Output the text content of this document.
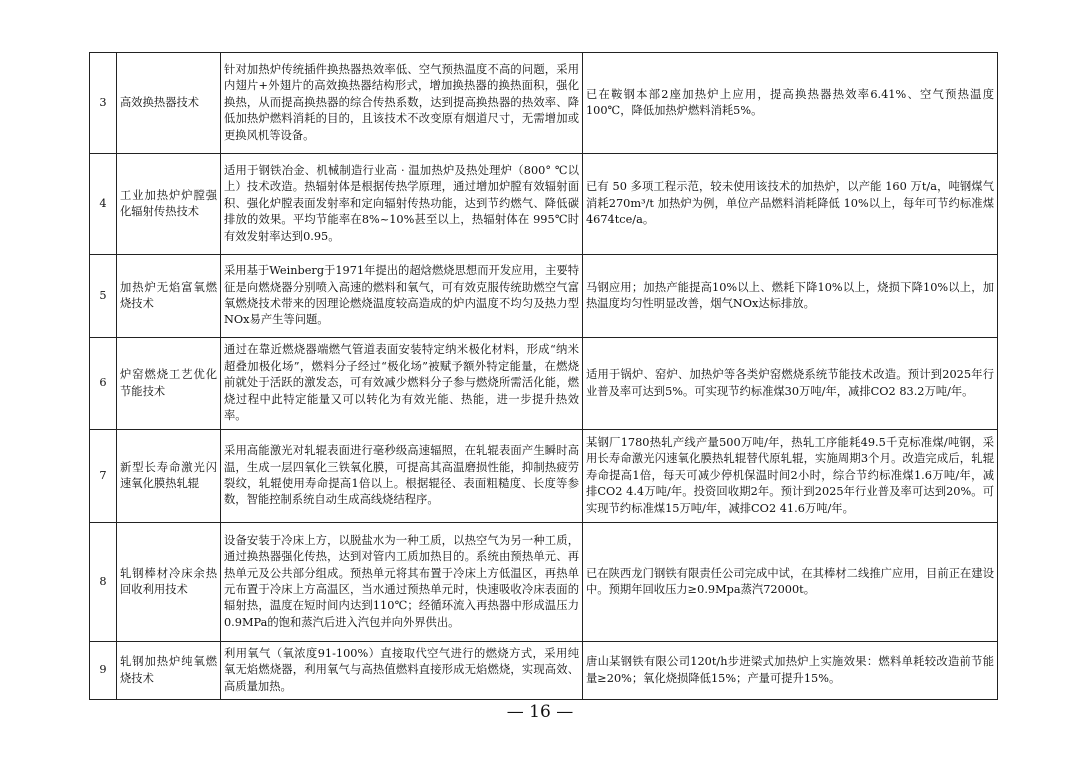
3	高效换热器技术	针对加热炉传统插件换热器热效率低、空气预热温度不高的问题，采用内翅片+外翅片的高效换热器结构形式，增加换热器的换热面积，强化换热，从而提高换热器的综合传热系数，达到提高换热器的热效率、降低加热炉燃料消耗的目的，且该技术不改变原有烟道尺寸，无需增加或更换风机等设备。	已在鞍钢本部2座加热炉上应用，提高换热器热效率6.41%、空气预热温度100℃，降低加热炉燃料消耗5%。
4	工业加热炉炉膛强化辐射传热技术	适用于钢铁冶金、机械制造行业高 · 温加热炉及热处理炉（800° ℃以上）技术改造。热辐射体是根据传热学原理，通过增加炉膛有效辐射面积、强化炉膛表面发射率和定向辐射传热功能，达到节约燃气、降低碳排放的效果。平均节能率在8%~10%甚至以上，热辐射体在 995℃时有效发射率达到0.95。	已有 50 多项工程示范，较未使用该技术的加热炉，以产能 160 万t/a，吨钢煤气消耗270m³/t 加热炉为例，单位产品燃料消耗降低 10%以上，每年可节约标准煤4674tce/a。
5	加热炉无焰富氧燃烧技术	采用基于Weinberg于1971年提出的超焓燃烧思想而开发应用，主要特征是向燃烧器分别喷入高速的燃料和氧气，可有效克服传统助燃空气富氧燃烧技术带来的因理论燃烧温度较高造成的炉内温度不均匀及热力型NOx易产生等问题。	马钢应用；加热产能提高10%以上、燃耗下降10%以上，烧损下降10%以上，加热温度均匀性明显改善，烟气NOx达标排放。
6	炉窑燃烧工艺优化节能技术	通过在靠近燃烧器端燃气管道表面安装特定纳米极化材料，形成“纳米超叠加极化场”，燃料分子经过“极化场”被赋予额外特定能量，在燃烧前就处于活跃的激发态，可有效减少燃料分子参与燃烧所需活化能，燃烧过程中此特定能量又可以转化为有效光能、热能，进一步提升热效率。	适用于锅炉、窑炉、加热炉等各类炉窑燃烧系统节能技术改造。预计到2025年行业普及率可达到5%。可实现节约标准煤30万吨/年，减排CO2 83.2万吨/年。
7	新型长寿命激光闪速氧化膜热轧辊	采用高能激光对轧辊表面进行毫秒级高速辐照，在轧辊表面产生瞬时高温，生成一层四氧化三铁氧化膜，可提高其高温磨损性能，抑制热疲劳裂纹，轧辊使用寿命提高1倍以上。根据辊径、表面粗糙度、长度等参数，智能控制系统自动生成高线烧结程序。	某钢厂1780热轧产线产量500万吨/年，热轧工序能耗49.5千克标准煤/吨钢，采用长寿命激光闪速氧化膜热轧辊替代原轧辊，实施周期3个月。改造完成后，轧辊寿命提高1倍，每天可减少停机保温时间2小时，综合节约标准煤1.6万吨/年，减排CO2 4.4万吨/年。投资回收期2年。预计到2025年行业普及率可达到20%。可实现节约标准煤15万吨/年，减排CO2 41.6万吨/年。
8	轧钢棒材冷床余热回收利用技术	设备安装于冷床上方，以脱盐水为一种工质，以热空气为另一种工质，通过换热器强化传热，达到对管内工质加热目的。系统由预热单元、再热单元及公共部分组成。预热单元将其布置于冷床上方低温区，再热单元布置于冷床上方高温区，当水通过预热单元时，快速吸收冷床表面的辐射热，温度在短时间内达到110℃；经循环流入再热器中形成温压力0.9MPa的饱和蒸汽后进入汽包并向外界供出。	已在陕西龙门钢铁有限责任公司完成中试，在其棒材二线推广应用，目前正在建设中。预期年回收压力≥0.9Mpa蒸汽72000t。
9	轧钢加热炉纯氧燃烧技术	利用氧气（氧浓度91-100%）直接取代空气进行的燃烧方式，采用纯氧无焰燃烧器，利用氧气与高热值燃料直接形成无焰燃烧，实现高效、高质量加热。	唐山某钢铁有限公司120t/h步进梁式加热炉上实施效果：燃料单耗较改造前节能量≥20%；氧化烧损降低15%；产量可提升15%。
— 16 —
